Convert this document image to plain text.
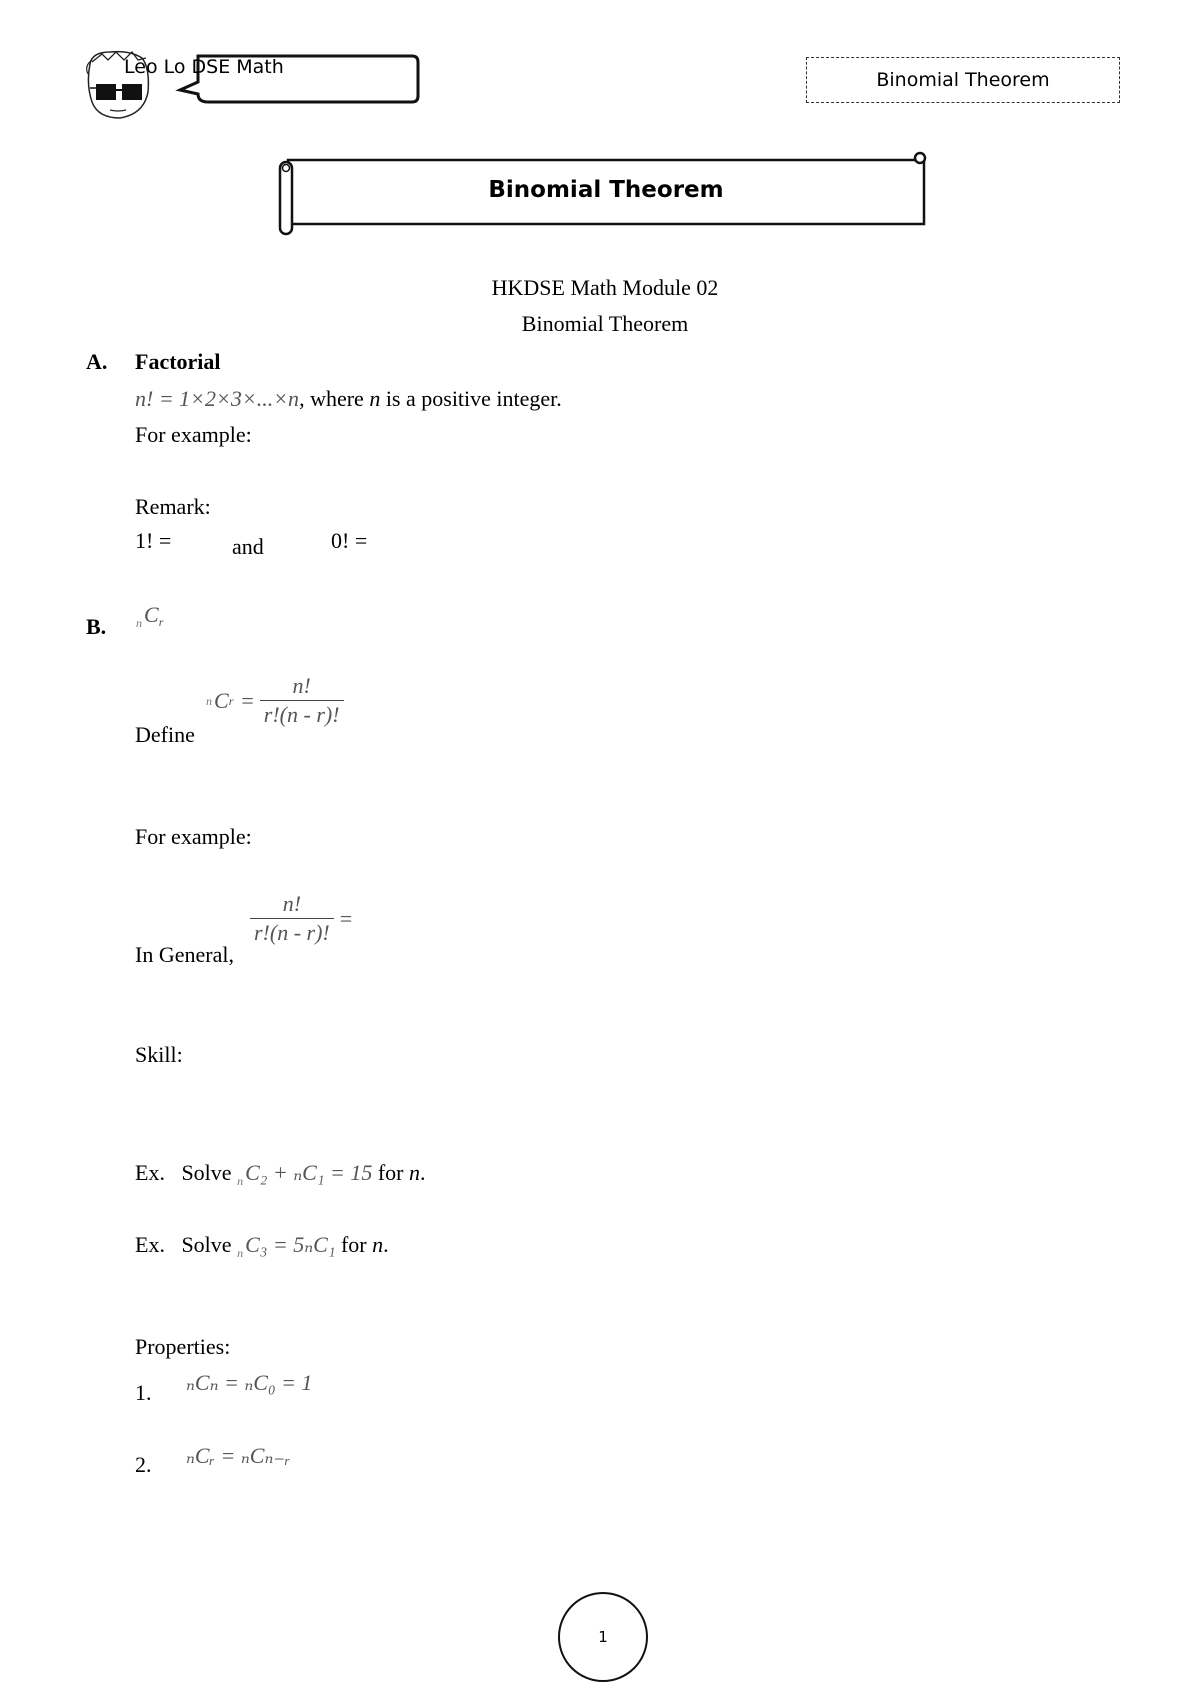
Leo Lo DSE Math
Binomial Theorem
Binomial Theorem
HKDSE Math Module 02
Binomial Theorem
A. Factorial
n! = 1×2×3×...×n, where n is a positive integer.
For example:
Remark:
1! =	and	0! =
B. $_nC_r$
Define
n C $r = \frac{n!}{r!(n - r)!}$
For example:
In General,
$\frac{n!}{r!(n - r)!}$ =
Skill:
Ex.   Solve $_n$C₂ + ₙC₁ = 15 for n.
Ex.   Solve $_n$C₃ = 5ₙC₁ for n.
Properties:
1. ₙCₙ = ₙC₀ = 1
2. ₙCᵣ = ₙCₙ₋ᵣ
1
